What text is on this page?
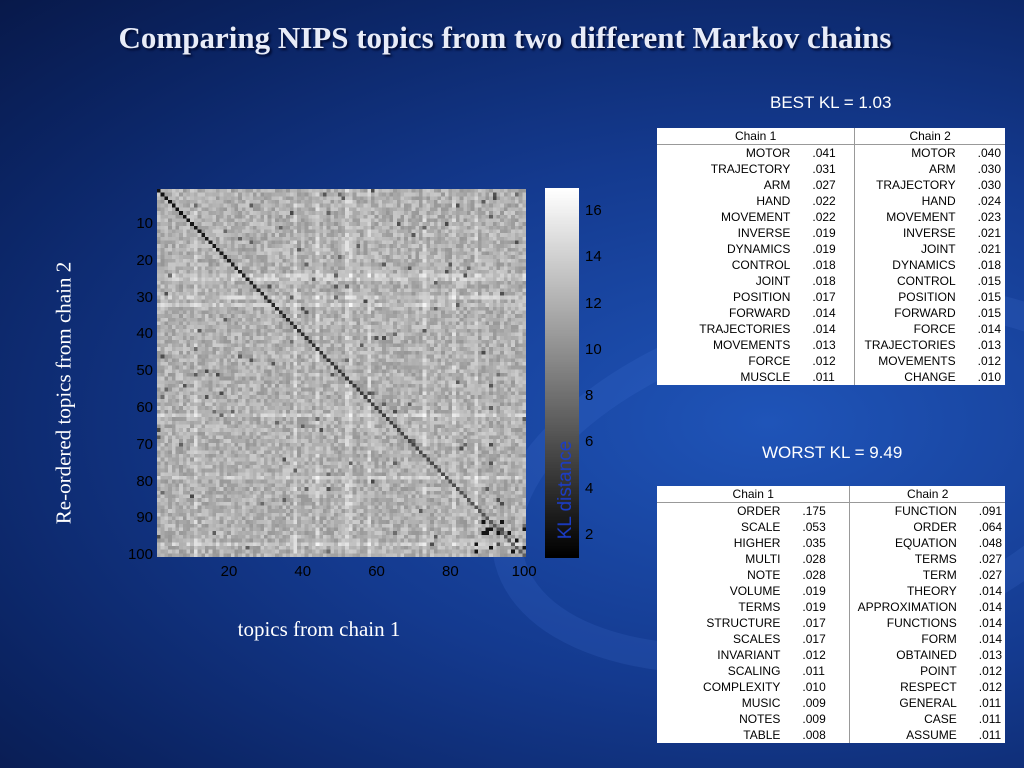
Comparing NIPS topics from two different Markov chains
Re-ordered topics from chain 2
topics from chain 1
20	40	60	80	100
10
20
30
40
50
60
70
80
90
100
16
14
12
10
8
6
4
2
KL distance
BEST KL = 1.03
Chain 1		Chain 2	
MOTOR	.041	MOTOR	.040
TRAJECTORY	.031	ARM	.030
ARM	.027	TRAJECTORY	.030
HAND	.022	HAND	.024
MOVEMENT	.022	MOVEMENT	.023
INVERSE	.019	INVERSE	.021
DYNAMICS	.019	JOINT	.021
CONTROL	.018	DYNAMICS	.018
JOINT	.018	CONTROL	.015
POSITION	.017	POSITION	.015
FORWARD	.014	FORWARD	.015
TRAJECTORIES	.014	FORCE	.014
MOVEMENTS	.013	TRAJECTORIES	.013
FORCE	.012	MOVEMENTS	.012
MUSCLE	.011	CHANGE	.010
WORST KL = 9.49
Chain 1		Chain 2	
ORDER	.175	FUNCTION	.091
SCALE	.053	ORDER	.064
HIGHER	.035	EQUATION	.048
MULTI	.028	TERMS	.027
NOTE	.028	TERM	.027
VOLUME	.019	THEORY	.014
TERMS	.019	APPROXIMATION	.014
STRUCTURE	.017	FUNCTIONS	.014
SCALES	.017	FORM	.014
INVARIANT	.012	OBTAINED	.013
SCALING	.011	POINT	.012
COMPLEXITY	.010	RESPECT	.012
MUSIC	.009	GENERAL	.011
NOTES	.009	CASE	.011
TABLE	.008	ASSUME	.011
